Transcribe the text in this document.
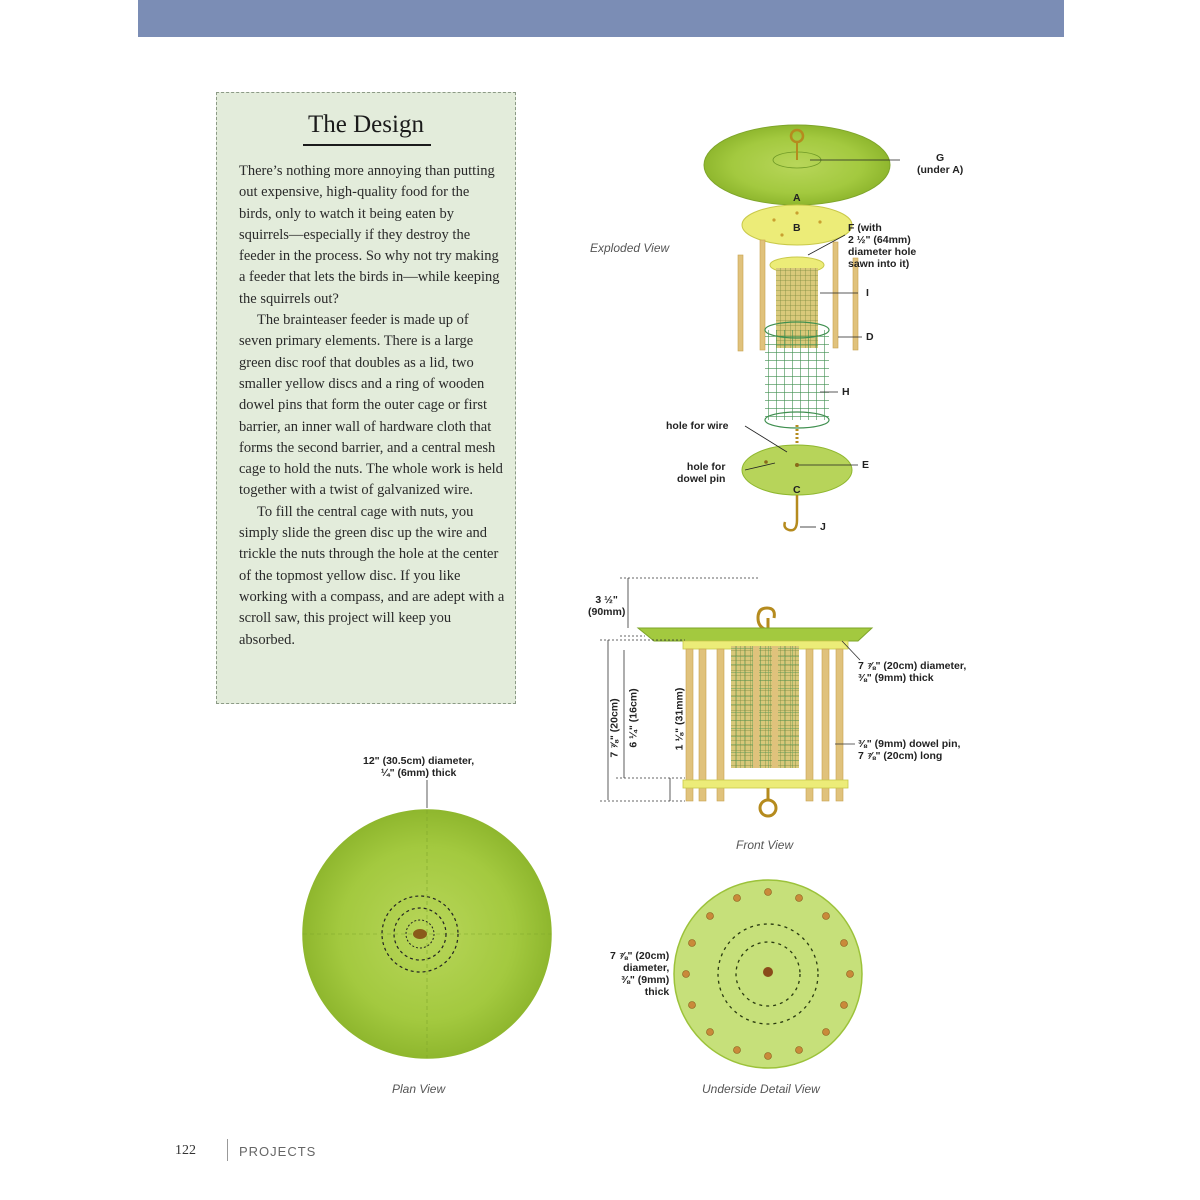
The Design

There’s nothing more annoying than putting out expensive, high-quality food for the birds, only to watch it being eaten by squirrels—especially if they destroy the feeder in the process. So why not try making a feeder that lets the birds in—while keeping the squirrels out?

The brainteaser feeder is made up of seven primary elements. There is a large green disc roof that doubles as a lid, two smaller yellow discs and a ring of wooden dowel pins that form the outer cage or first barrier, an inner wall of hardware cloth that forms the second barrier, and a central mesh cage to hold the nuts. The whole work is held together with a twist of galvanized wire.

To fill the central cage with nuts, you simply slide the green disc up the wire and trickle the nuts through the hole at the center of the topmost yellow disc. If you like working with a compass, and are adept with a scroll saw, this project will keep you absorbed.

Exploded View
G
(under A)
A
B	F (with
2 ½" (64mm)
diameter hole
sawn into it)
I
D
H
hole for wire
hole for
dowel pin
E
C
J
3 ½"
(90mm)
7 ⅞" (20cm) 6 ¼" (16cm)	1 ⅛" (31mm)
7 ⅞" (20cm) diameter,
⅜" (9mm) thick
⅜" (9mm) dowel pin,
7 ⅞" (20cm) long
Front View
12" (30.5cm) diameter,
¼" (6mm) thick
Plan View
7 ⅞" (20cm)
diameter,
⅜" (9mm)
thick
Underside Detail View
122	PROJECTS
